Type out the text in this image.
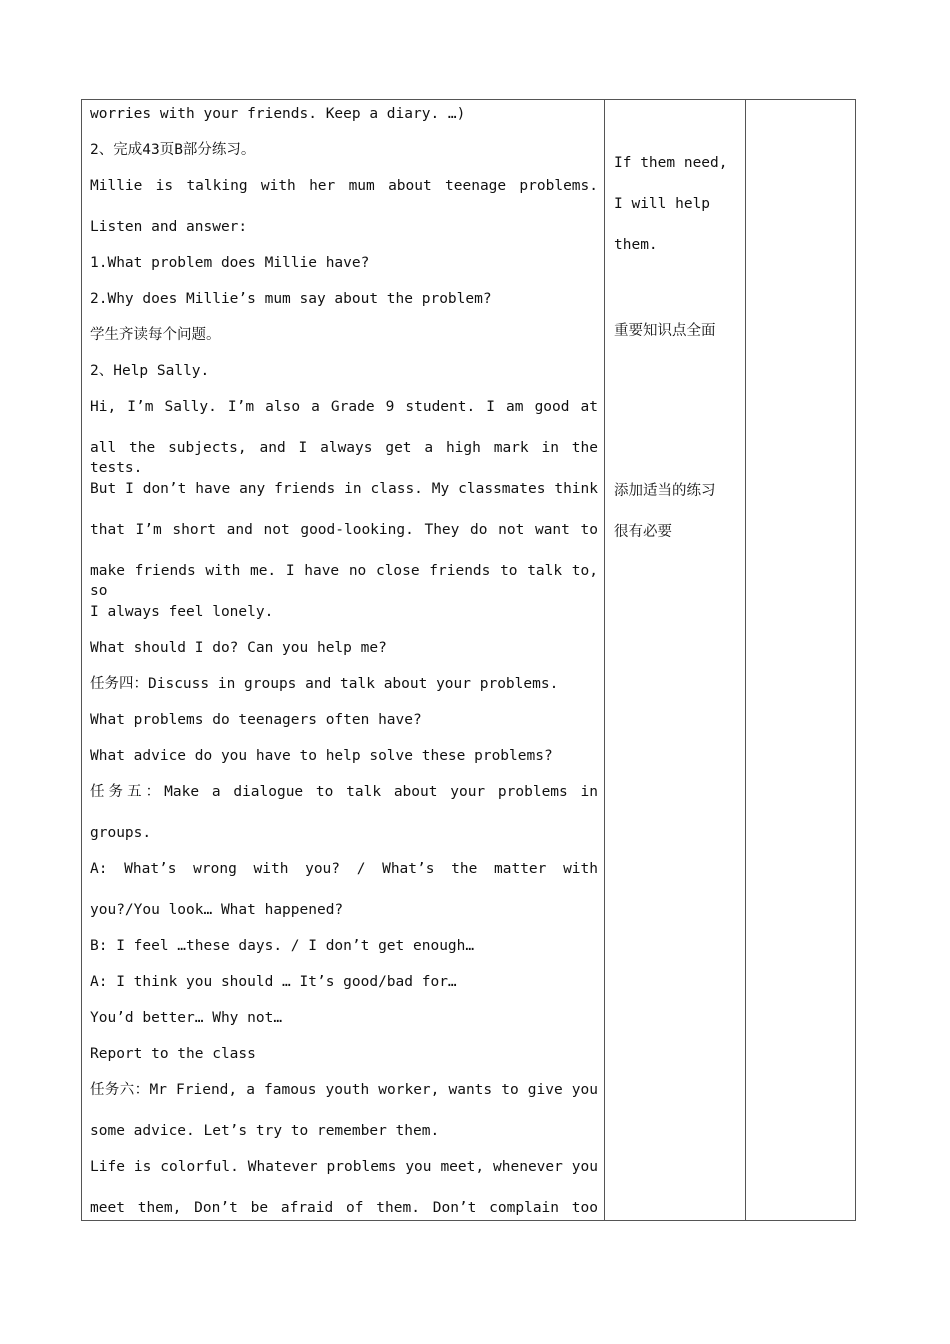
worries with your friends. Keep a diary. …)
2、完成43页B部分练习。
Millie is talking with her mum about teenage problems.
Listen and answer:
1.What problem does Millie have?
2.Why does Millie’s mum say about the problem?
学生齐读每个问题。
2、Help Sally.
Hi, I’m Sally. I’m also a Grade 9 student. I am good at
all the subjects, and I always get a high mark in the tests.
But I don’t have any friends in class. My classmates think
that I’m short and not good-looking. They do not want to
make friends with me. I have no close friends to talk to, so
I always feel lonely.
What should I do? Can you help me?
任务四：Discuss in groups and talk about your problems.
What problems do teenagers often have?
What advice do you have to help solve these problems?
任务五：Make a dialogue to talk about your problems in
groups.
A: What’s wrong with you? / What’s the matter with
you?/You look… What happened?
B: I feel …these days. / I don’t get enough…
A: I think you should … It’s good/bad for…
You’d better… Why not…
Report to the class
任务六：Mr Friend, a famous youth worker, wants to give you
some advice. Let’s try to remember them.
Life is colorful. Whatever problems you meet, whenever you
meet them, Don’t be afraid of them. Don’t complain too
If them need,
I will help
them.
重要知识点全面
添加适当的练习
很有必要
